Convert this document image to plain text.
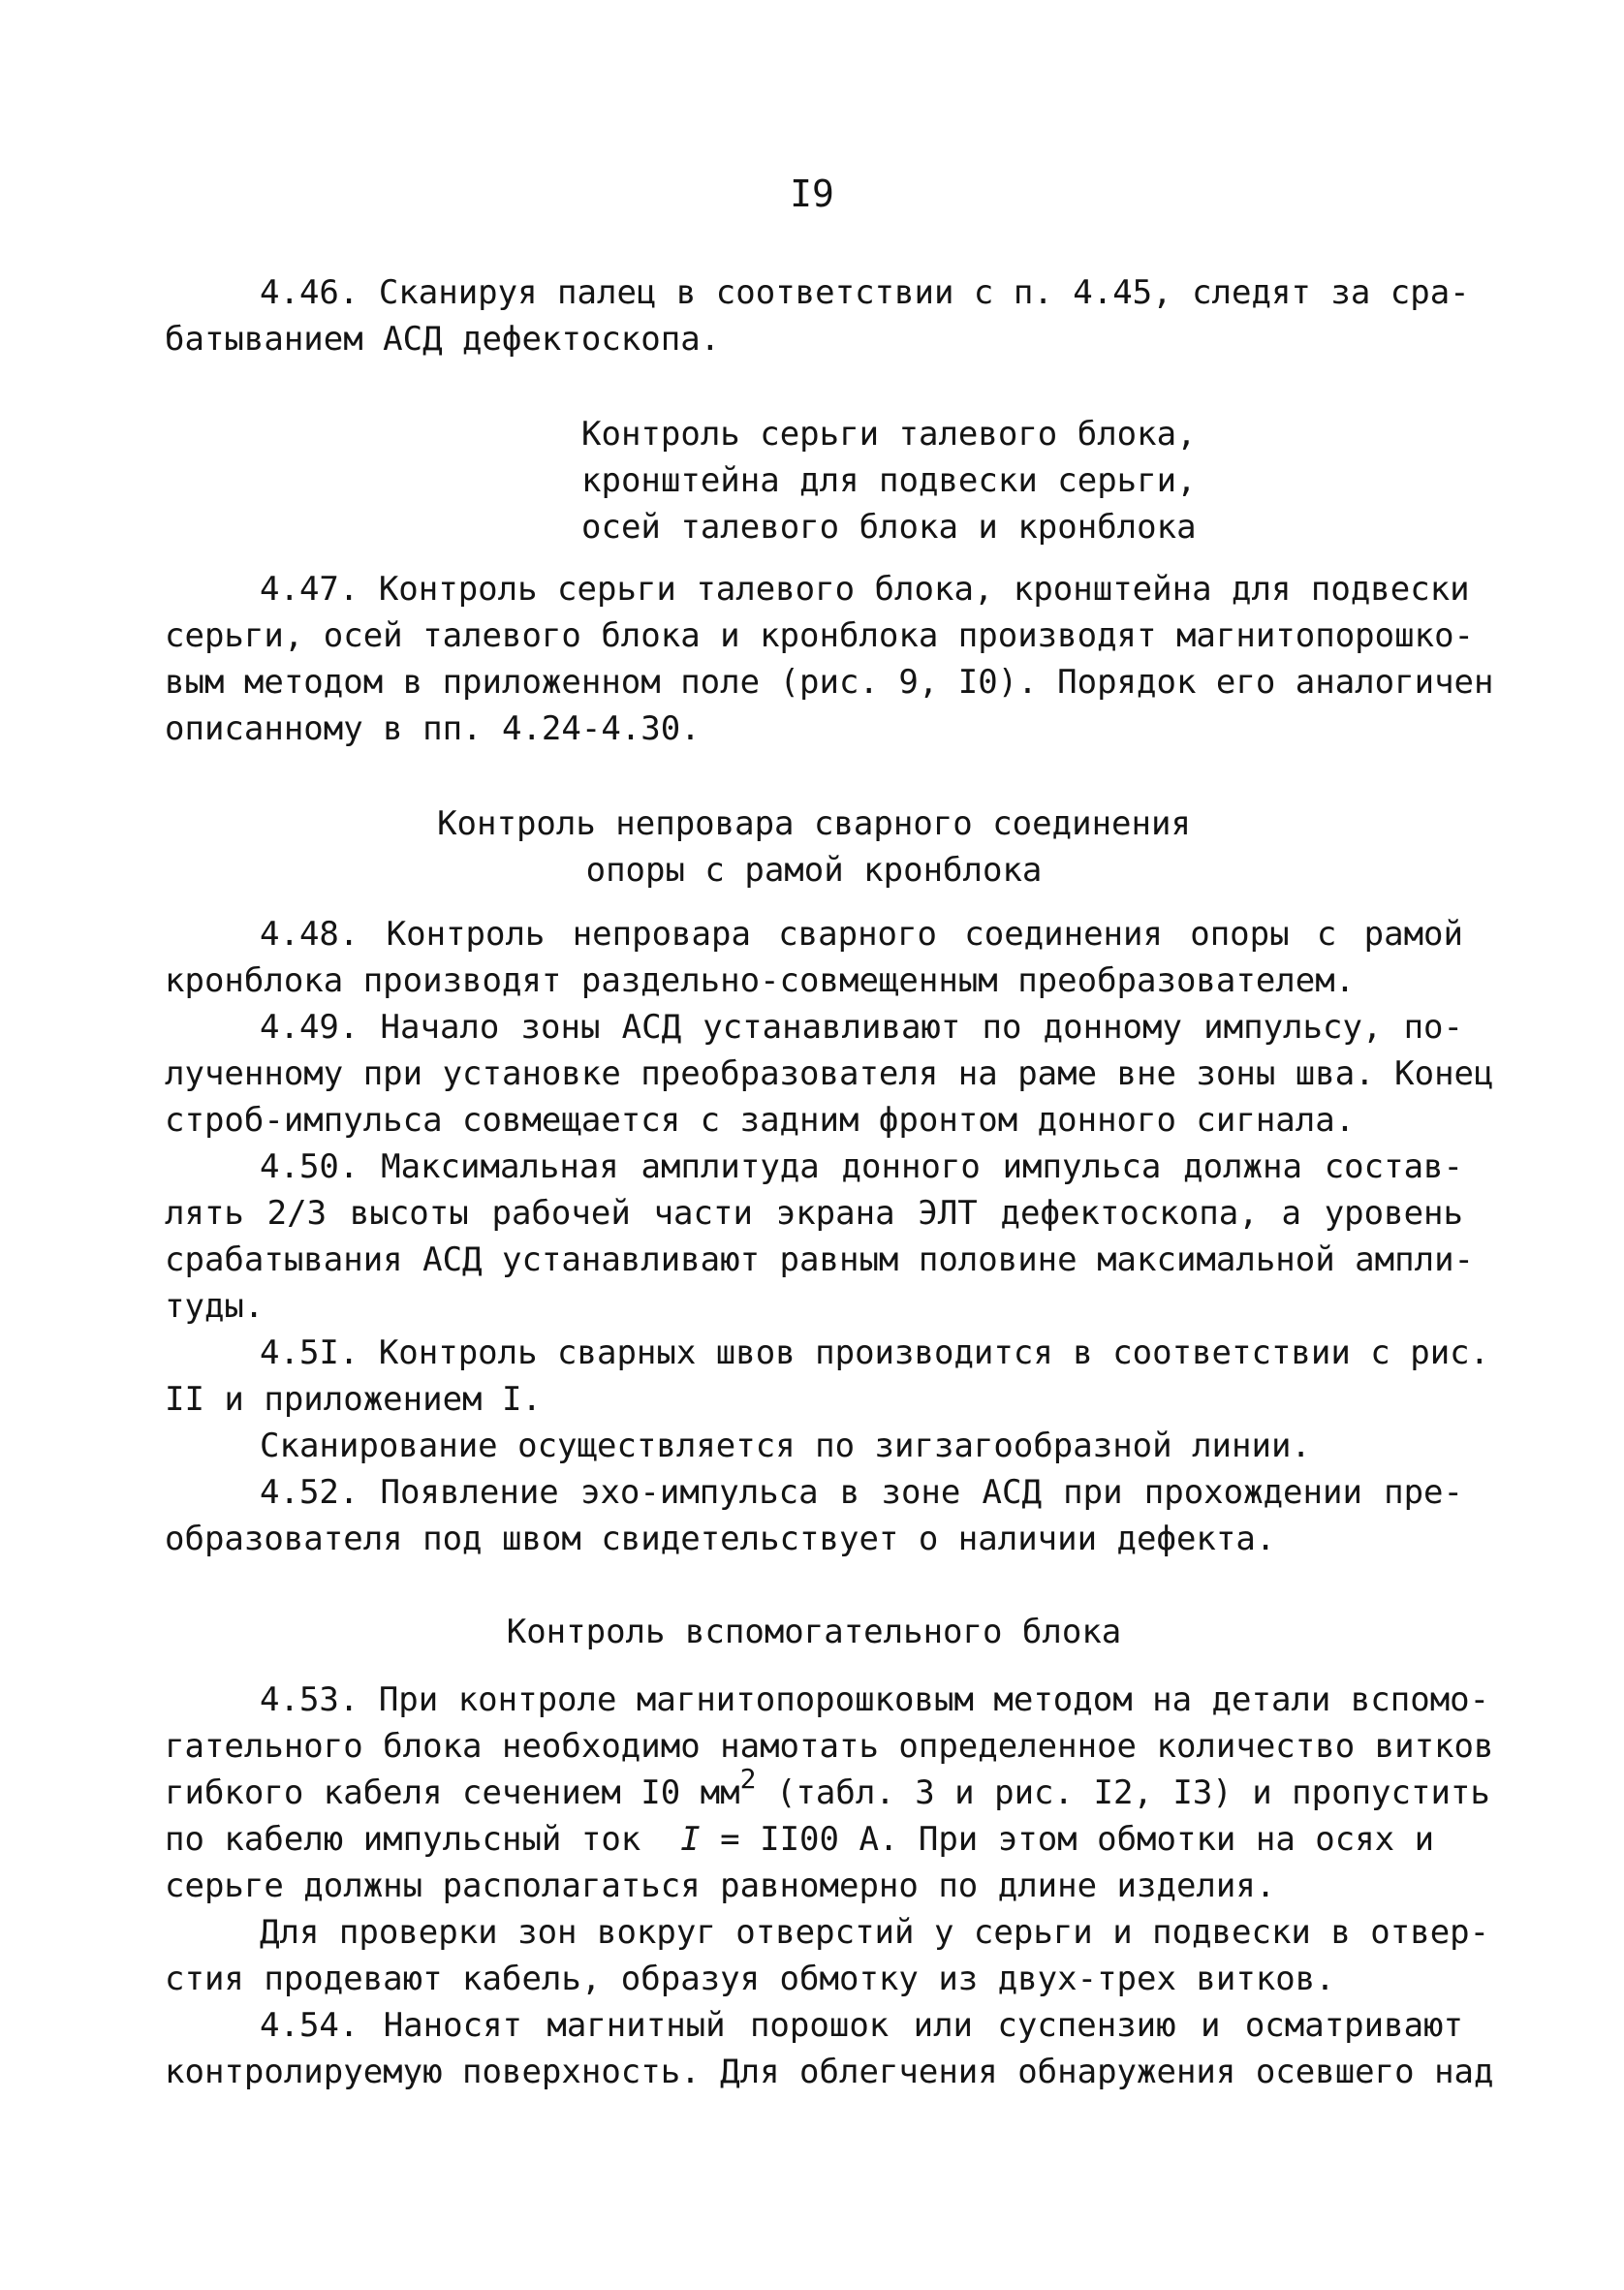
I9
4.46. Сканируя палец в соответствии с п. 4.45, следят за сра-
батыванием АСД дефектоскопа.
Контроль серьги талевого блока,
кронштейна для подвески серьги,
осей талевого блока и кронблока
4.47. Контроль серьги талевого блока, кронштейна для подвески
серьги, осей талевого блока и кронблока производят магнитопорошко-
вым методом в приложенном поле (рис. 9, I0). Порядок его аналогичен
описанному в пп. 4.24-4.30.
Контроль непровара сварного соединения
опоры с рамой кронблока
4.48. Контроль непровара сварного соединения опоры с рамой
кронблока производят раздельно-совмещенным преобразователем.
4.49. Начало зоны АСД устанавливают по донному импульсу, по-
лученному при установке преобразователя на раме вне зоны шва. Конец
строб-импульса совмещается с задним фронтом донного сигнала.
4.50. Максимальная амплитуда донного импульса должна состав-
лять 2/3 высоты рабочей части экрана ЭЛТ дефектоскопа, а уровень
срабатывания АСД устанавливают равным половине максимальной ампли-
туды.
4.5I. Контроль сварных швов производится в соответствии с рис.
II и приложением I.
Сканирование осуществляется по зигзагообразной линии.
4.52. Появление эхо-импульса в зоне АСД при прохождении пре-
образователя под швом свидетельствует о наличии дефекта.
Контроль вспомогательного блока
4.53. При контроле магнитопорошковым методом на детали вспомо-
гательного блока необходимо намотать определенное количество витков
гибкого кабеля сечением I0 $мм^2$ (табл. 3 и рис. I2, I3) и пропустить
по кабелю импульсный ток  I = II00 А. При этом обмотки на осях и
серьге должны располагаться равномерно по длине изделия.
Для проверки зон вокруг отверстий у серьги и подвески в отвер-
стия продевают кабель, образуя обмотку из двух-трех витков.
4.54. Наносят магнитный порошок или суспензию и осматривают
контролируемую поверхность. Для облегчения обнаружения осевшего над
